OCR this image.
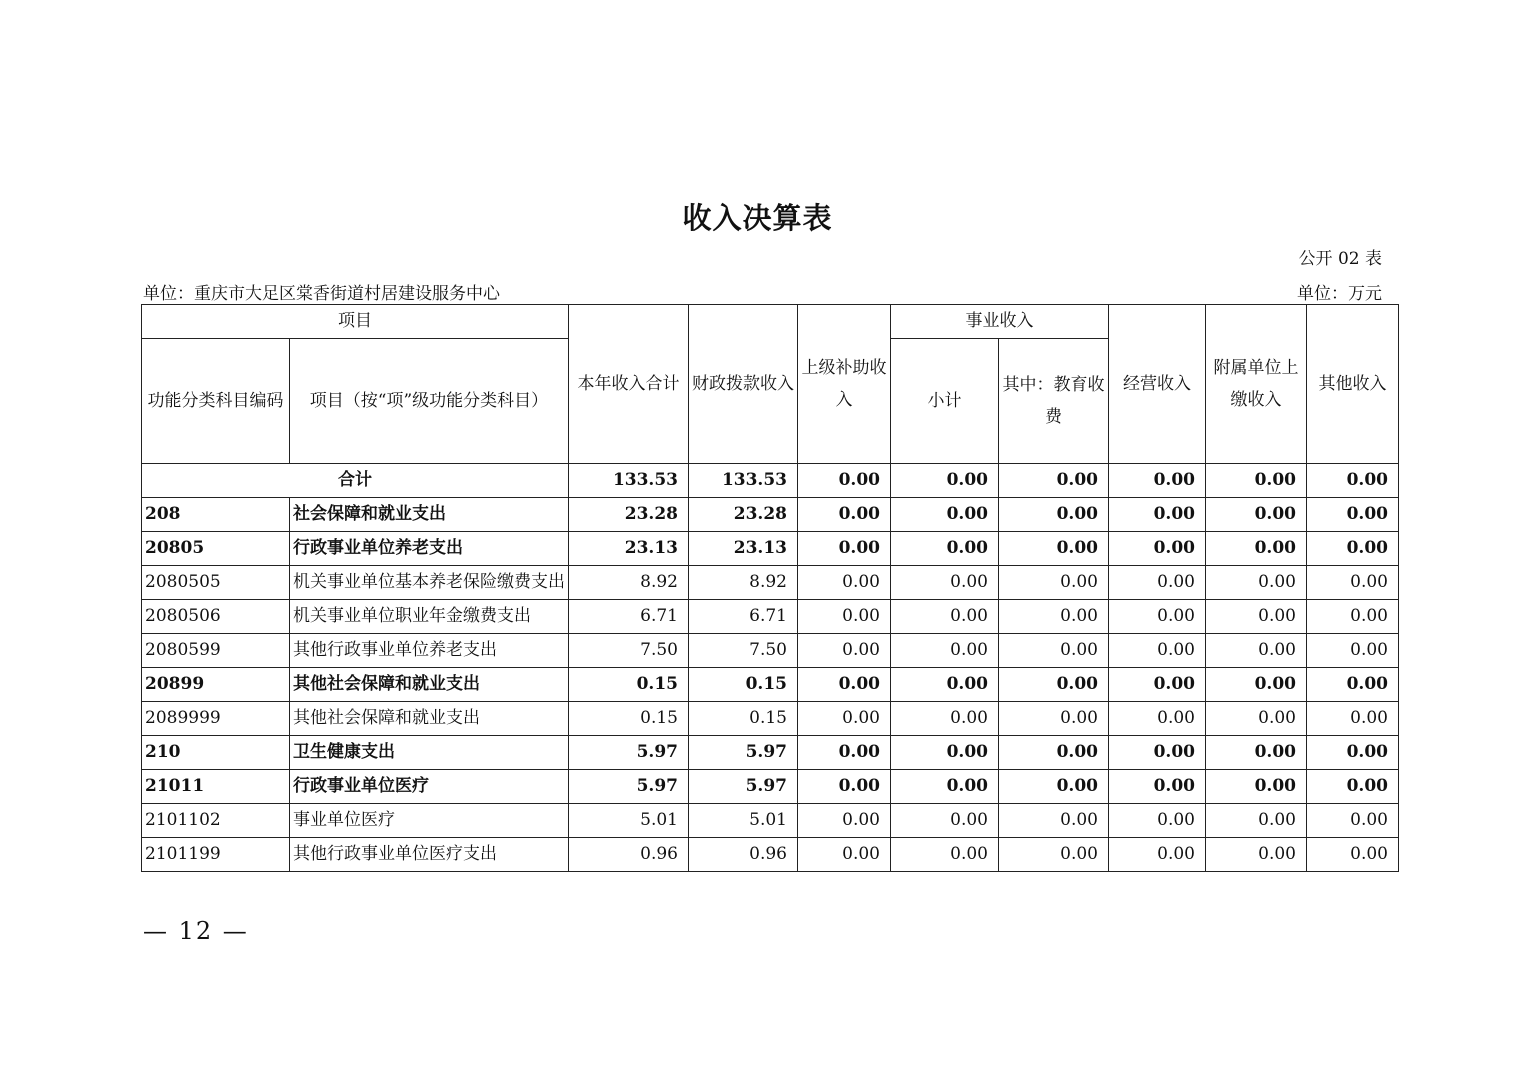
收入决算表
公开 02 表
单位：重庆市大足区棠香街道村居建设服务中心	单位：万元
项目		本年收入合计	财政拨款收入	上级补助收入	事业收入		经营收入	附属单位上缴收入	其他收入
功能分类科目编码	项目（按“项”级功能分类科目）				小计	其中：教育收费			
合计		133.53	133.53	0.00	0.00	0.00	0.00	0.00	0.00
208	社会保障和就业支出	23.28	23.28	0.00	0.00	0.00	0.00	0.00	0.00
20805	行政事业单位养老支出	23.13	23.13	0.00	0.00	0.00	0.00	0.00	0.00
2080505	机关事业单位基本养老保险缴费支出	8.92	8.92	0.00	0.00	0.00	0.00	0.00	0.00
2080506	机关事业单位职业年金缴费支出	6.71	6.71	0.00	0.00	0.00	0.00	0.00	0.00
2080599	其他行政事业单位养老支出	7.50	7.50	0.00	0.00	0.00	0.00	0.00	0.00
20899	其他社会保障和就业支出	0.15	0.15	0.00	0.00	0.00	0.00	0.00	0.00
2089999	其他社会保障和就业支出	0.15	0.15	0.00	0.00	0.00	0.00	0.00	0.00
210	卫生健康支出	5.97	5.97	0.00	0.00	0.00	0.00	0.00	0.00
21011	行政事业单位医疗	5.97	5.97	0.00	0.00	0.00	0.00	0.00	0.00
2101102	事业单位医疗	5.01	5.01	0.00	0.00	0.00	0.00	0.00	0.00
2101199	其他行政事业单位医疗支出	0.96	0.96	0.00	0.00	0.00	0.00	0.00	0.00
— 12 —
